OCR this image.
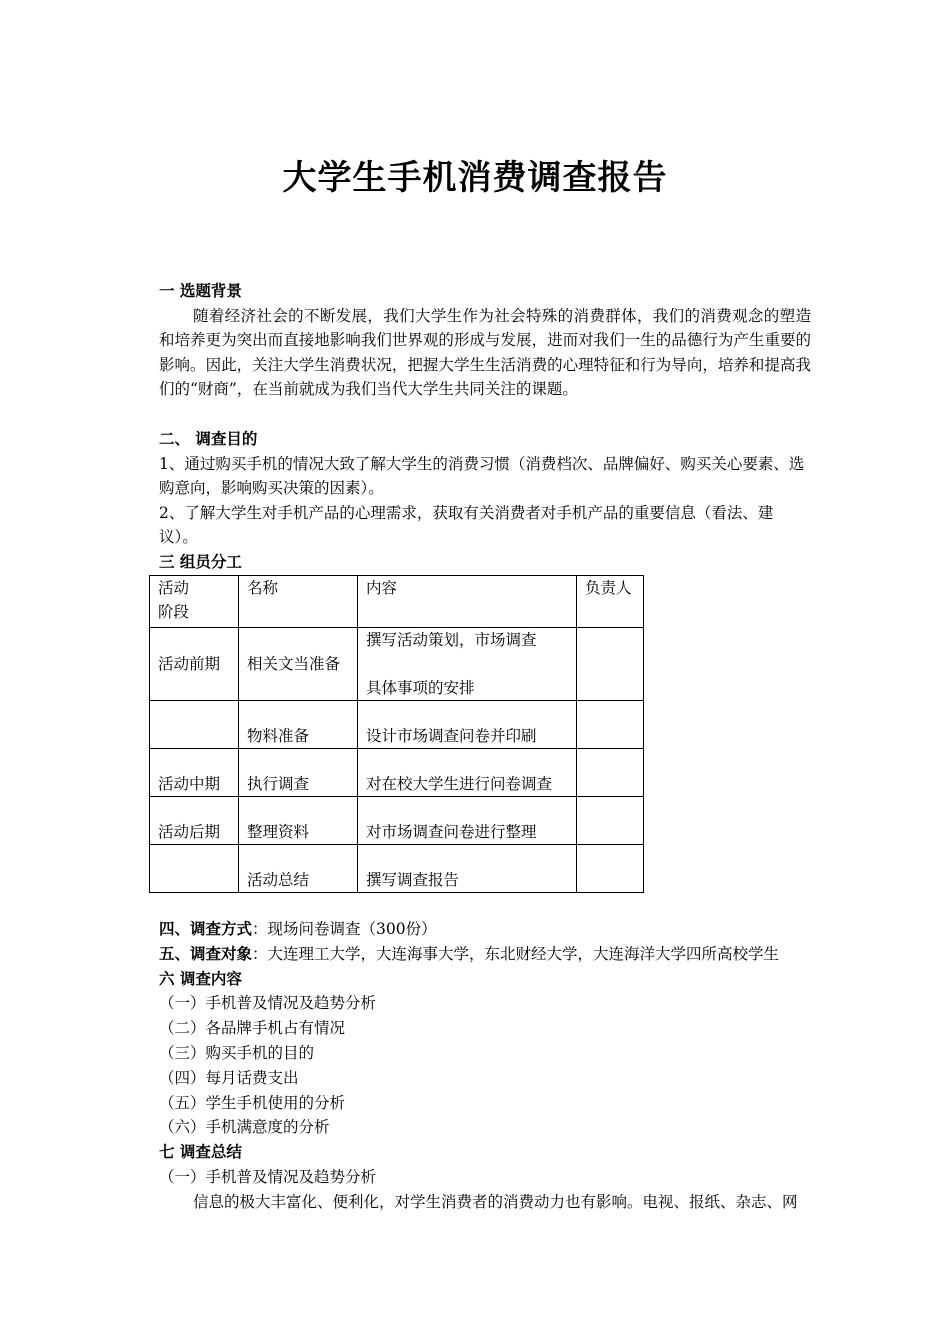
大学生手机消费调查报告

一 选题背景

随着经济社会的不断发展，我们大学生作为社会特殊的消费群体，我们的消费观念的塑造和培养更为突出而直接地影响我们世界观的形成与发展，进而对我们一生的品德行为产生重要的影响。因此，关注大学生消费状况，把握大学生生活消费的心理特征和行为导向，培养和提高我们的“财商”，在当前就成为我们当代大学生共同关注的课题。

二、 调查目的

1、通过购买手机的情况大致了解大学生的消费习惯（消费档次、品牌偏好、购买关心要素、选购意向，影响购买决策的因素）。

2、了解大学生对手机产品的心理需求，获取有关消费者对手机产品的重要信息（看法、建议）。

三 组员分工

活动
阶段	名称	内容	负责人
活动前期	相关文当准备	撰写活动策划，市场调查
具体事项的安排	

	物料准备	设计市场调查问卷并印刷	
活动中期	执行调查	对在校大学生进行问卷调查	
活动后期	整理资料	对市场调查问卷进行整理	
	活动总结	撰写调查报告	

四、调查方式：现场问卷调查（300份）

五、调查对象：大连理工大学，大连海事大学，东北财经大学，大连海洋大学四所高校学生

六 调查内容

（一）手机普及情况及趋势分析

（二）各品牌手机占有情况

（三）购买手机的目的

（四）每月话费支出

（五）学生手机使用的分析

（六）手机满意度的分析

七 调查总结

（一）手机普及情况及趋势分析

信息的极大丰富化、便利化，对学生消费者的消费动力也有影响。电视、报纸、杂志、网
